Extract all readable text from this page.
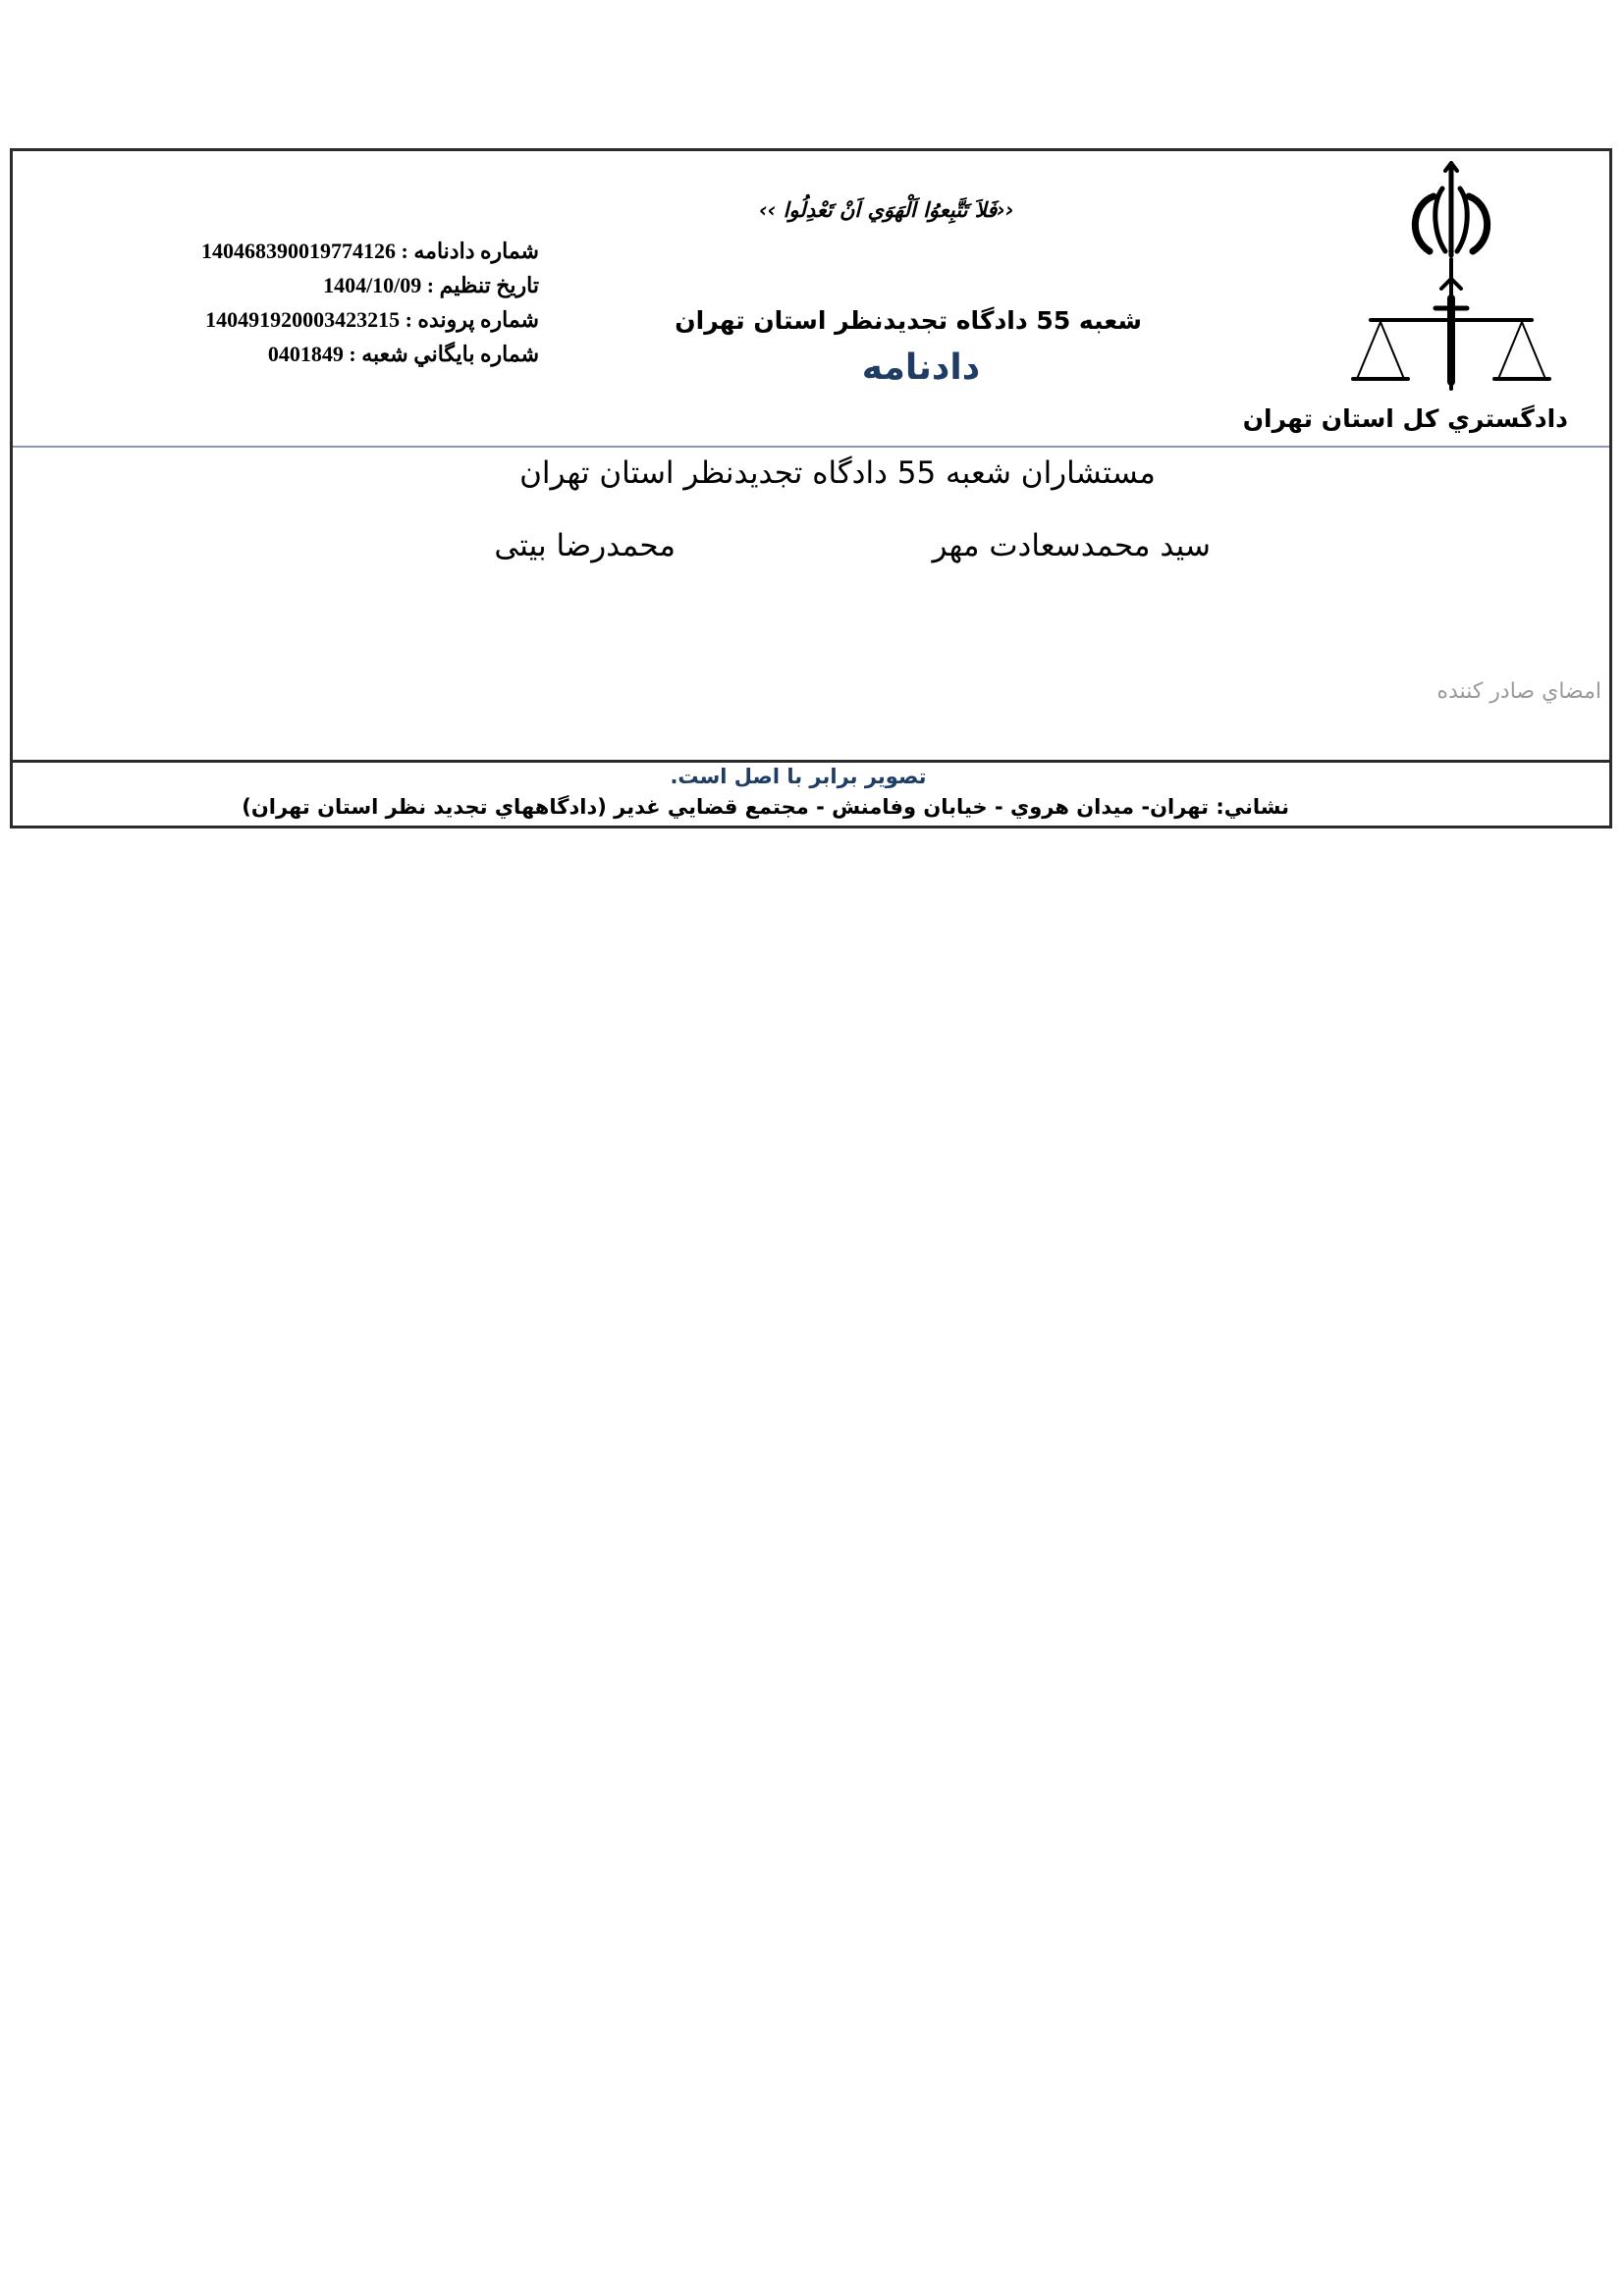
دادگستري كل استان تهران
‹‹فَلاَ تَتَّبِعوُا اَلْهَوَي اَنْ تَعْدِلُوا ››
شعبه 55 دادگاه تجديدنظر استان تهران
دادنامه
شماره دادنامه : 140468390019774126
تاريخ تنظيم : 1404/10/09
شماره پرونده : 140491920003423215
شماره بايگاني شعبه : 0401849
مستشاران شعبه 55 دادگاه تجديدنظر استان تهران
سيد محمدسعادت مهر
محمدرضا بيتى
امضاي صادر كننده
تصوير برابر با اصل است.
نشاني: تهران- ميدان هروي - خيابان وفامنش - مجتمع قضايي غدير (دادگاههاي تجديد نظر استان تهران)
